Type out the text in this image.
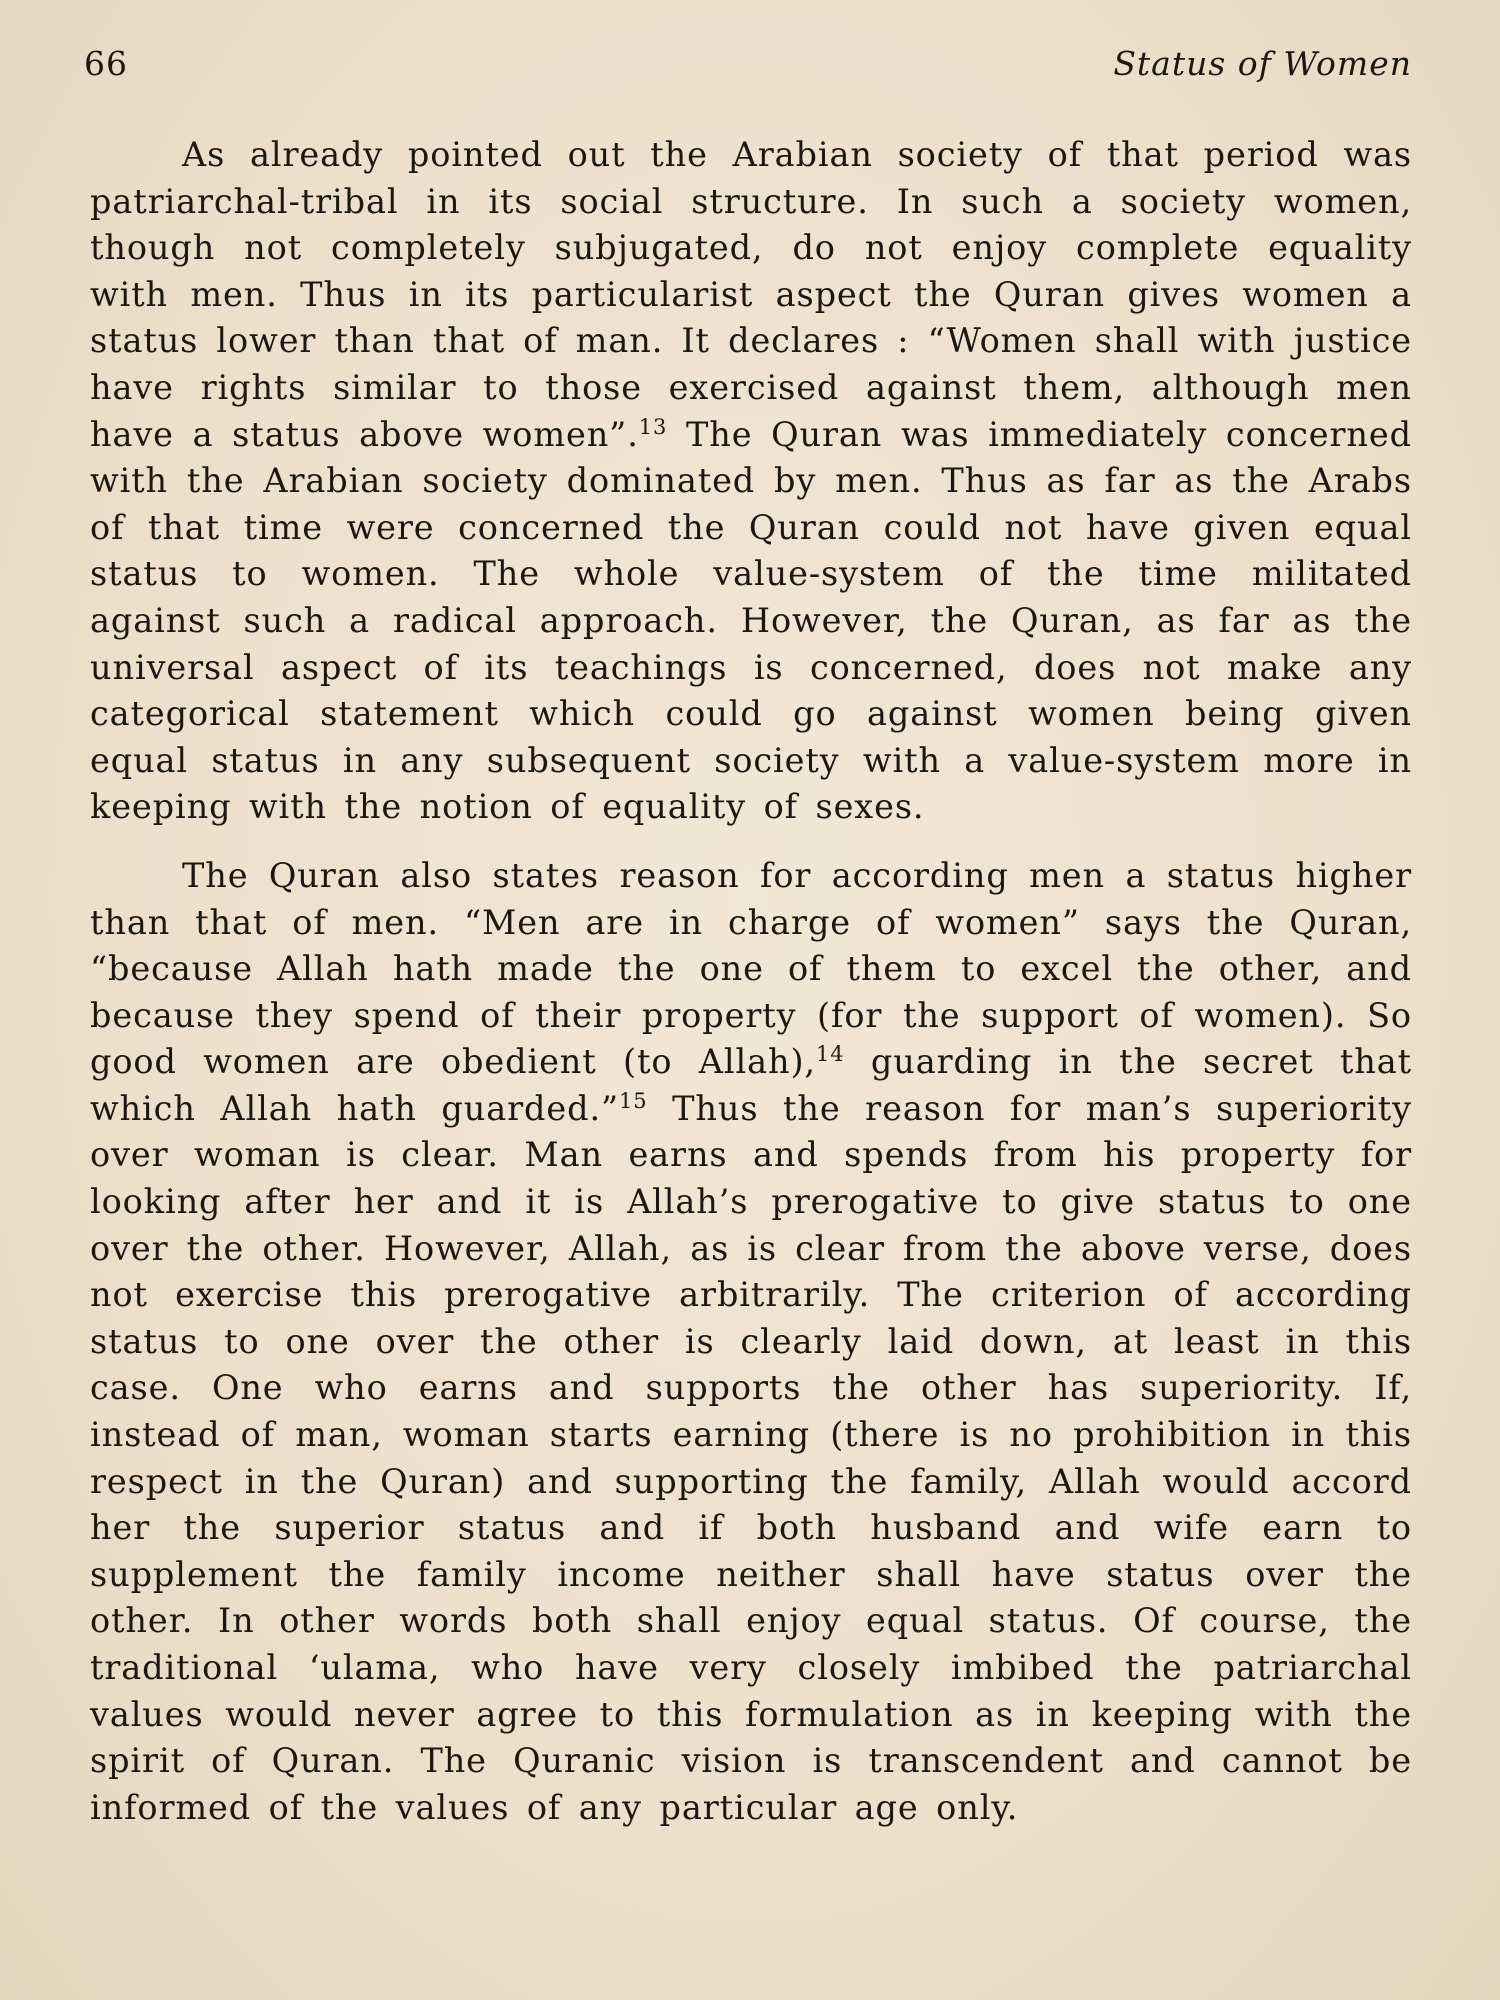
66	Status of Women

As already pointed out the Arabian society of that period was patriarchal-tribal in its social structure. In such a society women, though not completely subjugated, do not enjoy complete equality with men. Thus in its particularist aspect the Quran gives women a status lower than that of man. It declares : “Women shall with justice have rights similar to those exercised against them, although men have a status above women”.$^{13}$ The Quran was immediately concerned with the Arabian society dominated by men. Thus as far as the Arabs of that time were concerned the Quran could not have given equal status to women. The whole value-system of the time militated against such a radical approach. However, the Quran, as far as the universal aspect of its teachings is concerned, does not make any categorical statement which could go against women being given equal status in any subsequent society with a value-system more in keeping with the notion of equality of sexes.

The Quran also states reason for according men a status higher than that of men. “Men are in charge of women” says the Quran, “because Allah hath made the one of them to excel the other, and because they spend of their property (for the support of women). So good women are obedient (to Allah),$^{14}$ guarding in the secret that which Allah hath guarded.”$^{15}$ Thus the reason for man’s superiority over woman is clear. Man earns and spends from his property for looking after her and it is Allah’s prerogative to give status to one over the other. However, Allah, as is clear from the above verse, does not exercise this prerogative arbitrarily. The criterion of according status to one over the other is clearly laid down, at least in this case. One who earns and supports the other has superiority. If, instead of man, woman starts earning (there is no prohibition in this respect in the Quran) and supporting the family, Allah would accord her the superior status and if both husband and wife earn to supplement the family income neither shall have status over the other. In other words both shall enjoy equal status. Of course, the traditional ‘ulama, who have very closely imbibed the patriarchal values would never agree to this formulation as in keeping with the spirit of Quran. The Quranic vision is transcendent and cannot be informed of the values of any particular age only.
